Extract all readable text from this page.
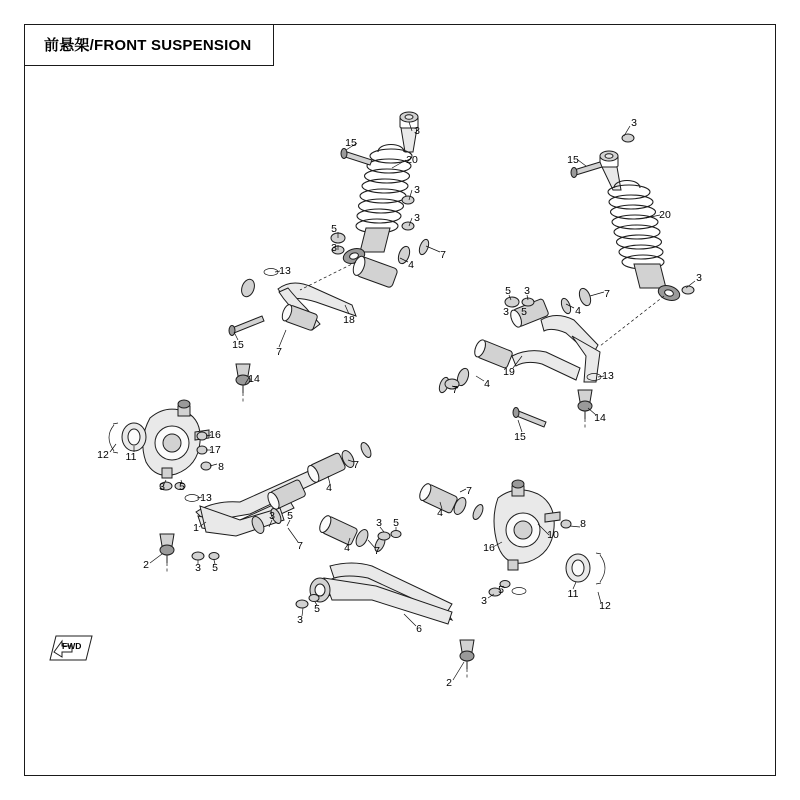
前悬架/FRONT SUSPENSION
3
15
20
3
3
5
3
4
7
13
18
15
7
14
3
15
20
3
5 3
4
7
3 5
13
19
7 4
15
14
16
17
12 11
8
3 5
13
7
4
1
3 5
7
2	3 5
7
4
3 5
4 7
3
5
6
2
8
10
16
11
12
3
5
FWD
